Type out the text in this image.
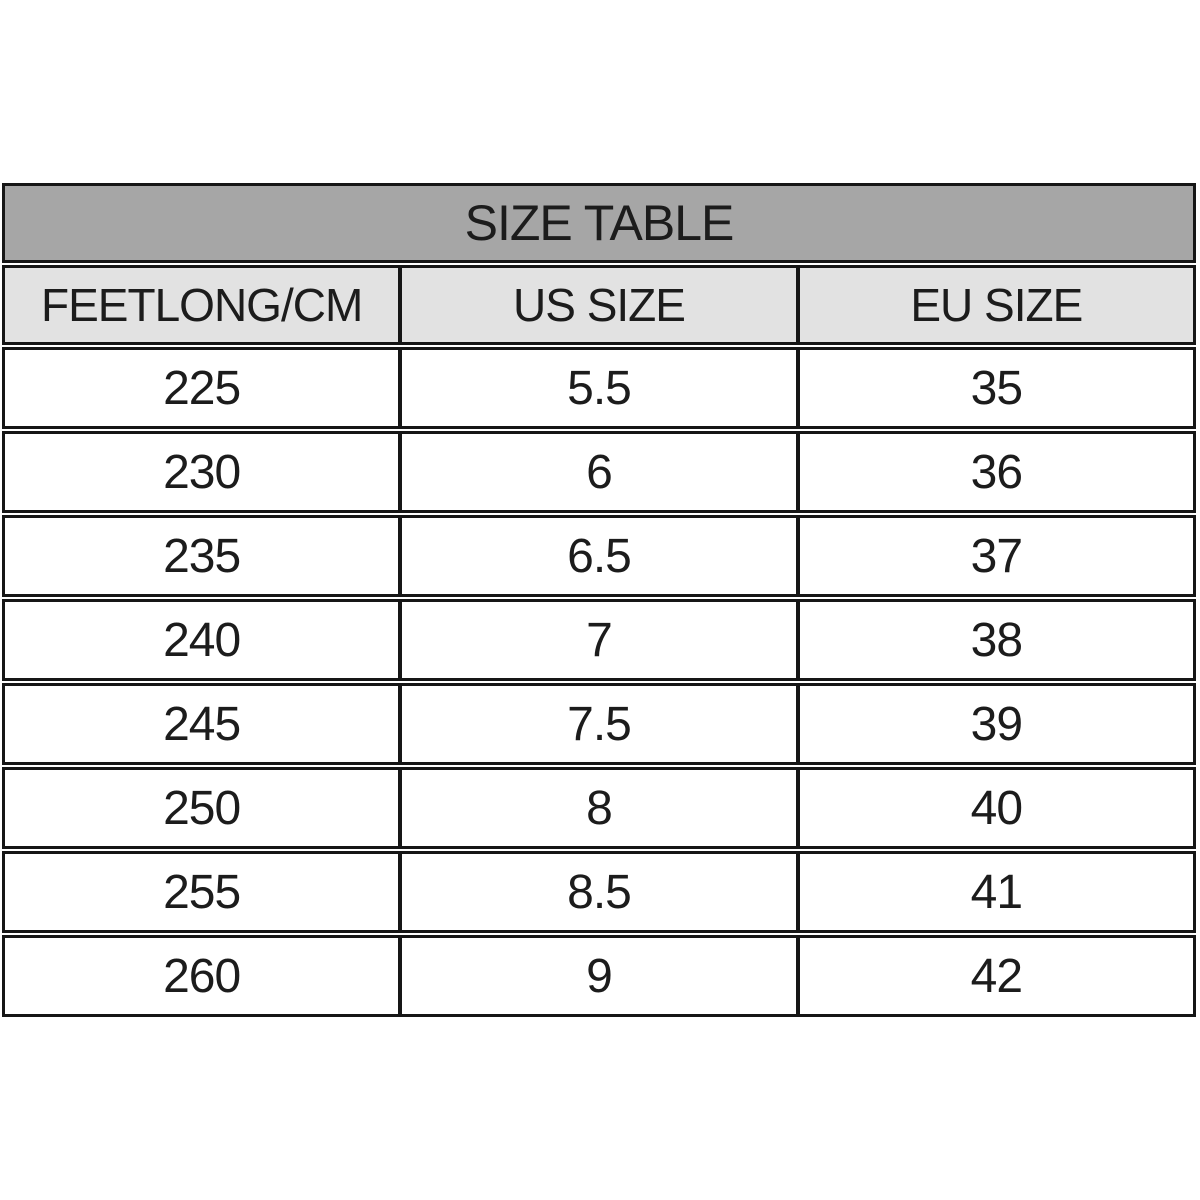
SIZE TABLE
FEETLONG/CM	US SIZE	EU SIZE
225	5.5	35
230	6	36
235	6.5	37
240	7	38
245	7.5	39
250	8	40
255	8.5	41
260	9	42
